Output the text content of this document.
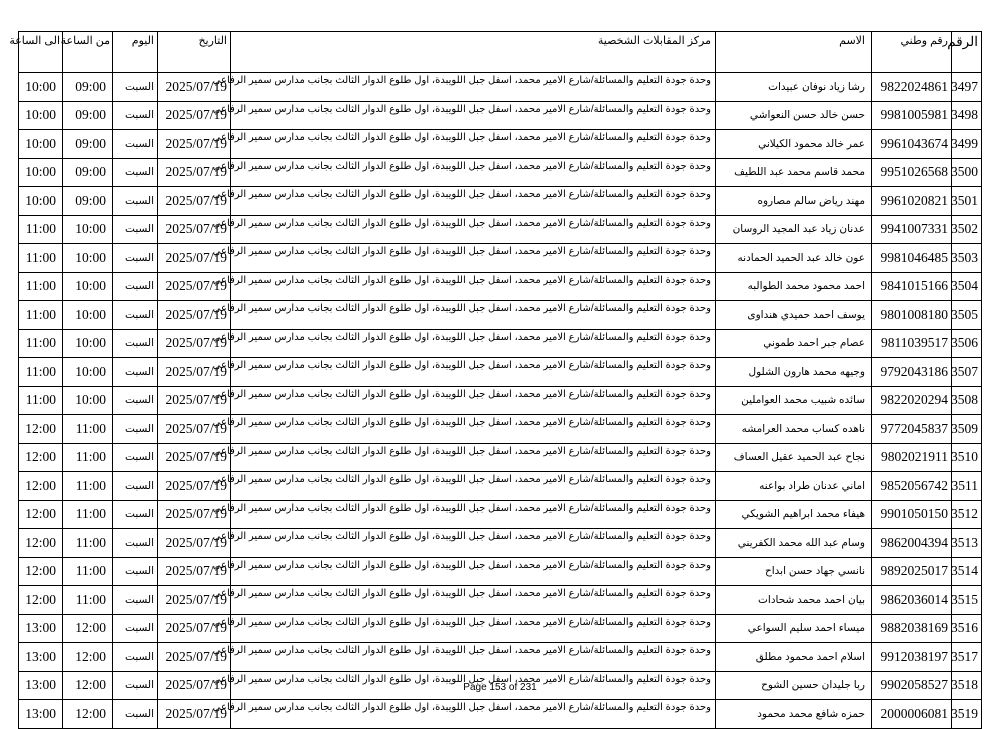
الرقم	رقم وطني	الاسم	مركز المقابلات الشخصية	التاريخ	اليوم	من الساعة	الى الساعة
3497	9822024861	رشا زياد نوفان عبيدات	وحدة جودة التعليم والمسائلة/شارع الامير محمد، اسفل جبل اللويبدة، اول طلوع الدوار الثالث بجانب مدارس سمير الرفاعي	2025/07/19	السبت	09:00	10:00
3498	9981005981	حسن خالد حسن النعواشي	وحدة جودة التعليم والمسائلة/شارع الامير محمد، اسفل جبل اللويبدة، اول طلوع الدوار الثالث بجانب مدارس سمير الرفاعي	2025/07/19	السبت	09:00	10:00
3499	9961043674	عمر خالد محمود الكيلاني	وحدة جودة التعليم والمسائلة/شارع الامير محمد، اسفل جبل اللويبدة، اول طلوع الدوار الثالث بجانب مدارس سمير الرفاعي	2025/07/19	السبت	09:00	10:00
3500	9951026568	محمد قاسم محمد عبد اللطيف	وحدة جودة التعليم والمسائلة/شارع الامير محمد، اسفل جبل اللويبدة، اول طلوع الدوار الثالث بجانب مدارس سمير الرفاعي	2025/07/19	السبت	09:00	10:00
3501	9961020821	مهند رياض سالم مصاروه	وحدة جودة التعليم والمسائلة/شارع الامير محمد، اسفل جبل اللويبدة، اول طلوع الدوار الثالث بجانب مدارس سمير الرفاعي	2025/07/19	السبت	09:00	10:00
3502	9941007331	عدنان زياد عبد المجيد الروسان	وحدة جودة التعليم والمسائلة/شارع الامير محمد، اسفل جبل اللويبدة، اول طلوع الدوار الثالث بجانب مدارس سمير الرفاعي	2025/07/19	السبت	10:00	11:00
3503	9981046485	عون خالد عبد الحميد الحمادنه	وحدة جودة التعليم والمسائلة/شارع الامير محمد، اسفل جبل اللويبدة، اول طلوع الدوار الثالث بجانب مدارس سمير الرفاعي	2025/07/19	السبت	10:00	11:00
3504	9841015166	احمد محمود محمد الطوالبه	وحدة جودة التعليم والمسائلة/شارع الامير محمد، اسفل جبل اللويبدة، اول طلوع الدوار الثالث بجانب مدارس سمير الرفاعي	2025/07/19	السبت	10:00	11:00
3505	9801008180	يوسف احمد حميدي هنداوى	وحدة جودة التعليم والمسائلة/شارع الامير محمد، اسفل جبل اللويبدة، اول طلوع الدوار الثالث بجانب مدارس سمير الرفاعي	2025/07/19	السبت	10:00	11:00
3506	9811039517	عصام جبر احمد طموني	وحدة جودة التعليم والمسائلة/شارع الامير محمد، اسفل جبل اللويبدة، اول طلوع الدوار الثالث بجانب مدارس سمير الرفاعي	2025/07/19	السبت	10:00	11:00
3507	9792043186	وجيهه محمد هارون الشلول	وحدة جودة التعليم والمسائلة/شارع الامير محمد، اسفل جبل اللويبدة، اول طلوع الدوار الثالث بجانب مدارس سمير الرفاعي	2025/07/19	السبت	10:00	11:00
3508	9822020294	سائده شبيب محمد العواملين	وحدة جودة التعليم والمسائلة/شارع الامير محمد، اسفل جبل اللويبدة، اول طلوع الدوار الثالث بجانب مدارس سمير الرفاعي	2025/07/19	السبت	10:00	11:00
3509	9772045837	ناهده كساب محمد العرامشه	وحدة جودة التعليم والمسائلة/شارع الامير محمد، اسفل جبل اللويبدة، اول طلوع الدوار الثالث بجانب مدارس سمير الرفاعي	2025/07/19	السبت	11:00	12:00
3510	9802021911	نجاح عبد الحميد عقيل العساف	وحدة جودة التعليم والمسائلة/شارع الامير محمد، اسفل جبل اللويبدة، اول طلوع الدوار الثالث بجانب مدارس سمير الرفاعي	2025/07/19	السبت	11:00	12:00
3511	9852056742	اماني عدنان طراد بواعنه	وحدة جودة التعليم والمسائلة/شارع الامير محمد، اسفل جبل اللويبدة، اول طلوع الدوار الثالث بجانب مدارس سمير الرفاعي	2025/07/19	السبت	11:00	12:00
3512	9901050150	هيفاء محمد ابراهيم الشويكي	وحدة جودة التعليم والمسائلة/شارع الامير محمد، اسفل جبل اللويبدة، اول طلوع الدوار الثالث بجانب مدارس سمير الرفاعي	2025/07/19	السبت	11:00	12:00
3513	9862004394	وسام عبد الله محمد الكفريني	وحدة جودة التعليم والمسائلة/شارع الامير محمد، اسفل جبل اللويبدة، اول طلوع الدوار الثالث بجانب مدارس سمير الرفاعي	2025/07/19	السبت	11:00	12:00
3514	9892025017	نانسي جهاد حسن ابداح	وحدة جودة التعليم والمسائلة/شارع الامير محمد، اسفل جبل اللويبدة، اول طلوع الدوار الثالث بجانب مدارس سمير الرفاعي	2025/07/19	السبت	11:00	12:00
3515	9862036014	بيان احمد محمد شحادات	وحدة جودة التعليم والمسائلة/شارع الامير محمد، اسفل جبل اللويبدة، اول طلوع الدوار الثالث بجانب مدارس سمير الرفاعي	2025/07/19	السبت	11:00	12:00
3516	9882038169	ميساء احمد سليم السواعي	وحدة جودة التعليم والمسائلة/شارع الامير محمد، اسفل جبل اللويبدة، اول طلوع الدوار الثالث بجانب مدارس سمير الرفاعي	2025/07/19	السبت	12:00	13:00
3517	9912038197	اسلام احمد محمود مطلق	وحدة جودة التعليم والمسائلة/شارع الامير محمد، اسفل جبل اللويبدة، اول طلوع الدوار الثالث بجانب مدارس سمير الرفاعي	2025/07/19	السبت	12:00	13:00
3518	9902058527	ربا جليدان حسين الشوح	وحدة جودة التعليم والمسائلة/شارع الامير محمد، اسفل جبل اللويبدة، اول طلوع الدوار الثالث بجانب مدارس سمير الرفاعي	2025/07/19	السبت	12:00	13:00
3519	2000006081	حمزه شافع محمد محمود	وحدة جودة التعليم والمسائلة/شارع الامير محمد، اسفل جبل اللويبدة، اول طلوع الدوار الثالث بجانب مدارس سمير الرفاعي	2025/07/19	السبت	12:00	13:00
Page 153 of 231
